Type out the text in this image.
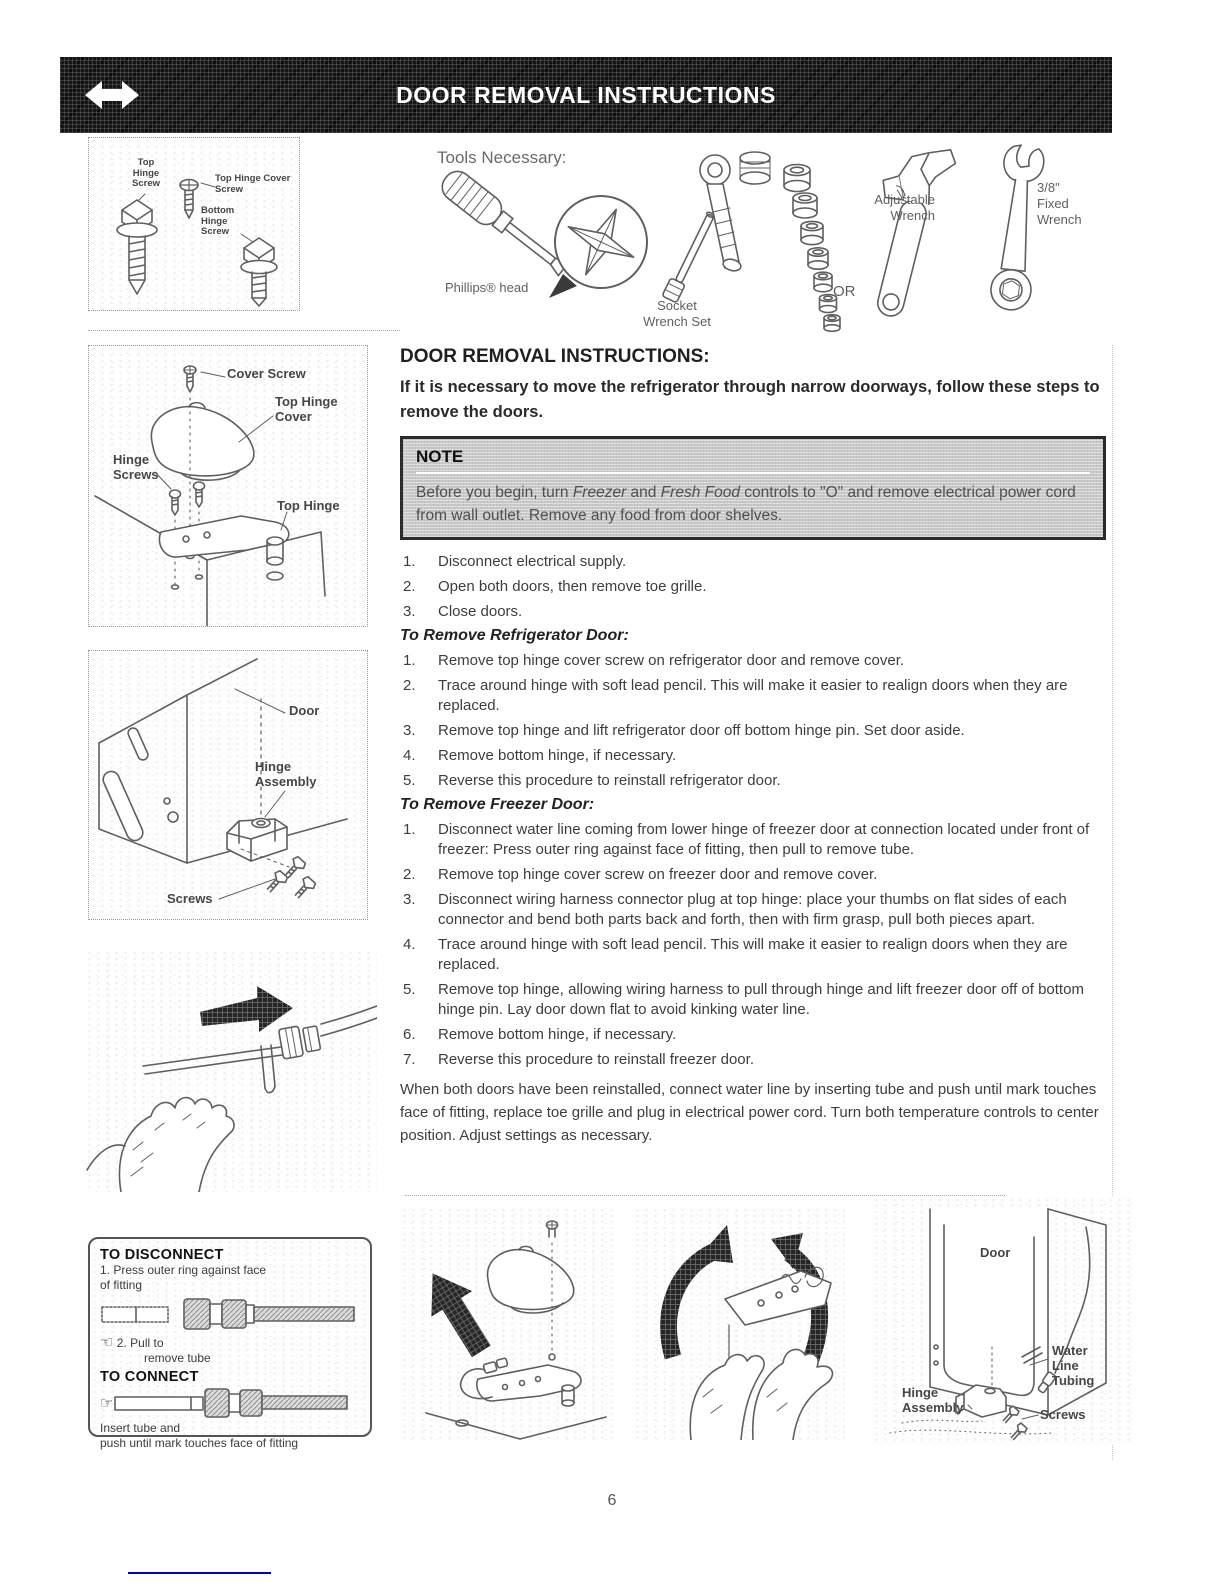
DOOR REMOVAL INSTRUCTIONS
Top Hinge Screw	Top Hinge Cover Screw
Bottom Hinge Screw
Tools Necessary:
Phillips® head
Socket Wrench Set
OR
Adjustable Wrench
3/8" Fixed Wrench
Cover Screw
Top Hinge Cover
Hinge Screws
Top Hinge
Door
Hinge Assembly
Screws
DOOR REMOVAL INSTRUCTIONS:

If it is necessary to move the refrigerator through narrow doorways, follow these steps to remove the doors.

NOTE
Before you begin, turn Freezer and Fresh Food controls to "O" and remove electrical power cord from wall outlet. Remove any food from door shelves.
Disconnect electrical supply.
Open both doors, then remove toe grille.
Close doors.
To Remove Refrigerator Door:
Remove top hinge cover screw on refrigerator door and remove cover.
Trace around hinge with soft lead pencil. This will make it easier to realign doors when they are replaced.
Remove top hinge and lift refrigerator door off bottom hinge pin. Set door aside.
Remove bottom hinge, if necessary.
Reverse this procedure to reinstall refrigerator door.
To Remove Freezer Door:
Disconnect water line coming from lower hinge of freezer door at connection located under front of freezer: Press outer ring against face of fitting, then pull to remove tube.
Remove top hinge cover screw on freezer door and remove cover.
Disconnect wiring harness connector plug at top hinge: place your thumbs on flat sides of each connector and bend both parts back and forth, then with firm grasp, pull both pieces apart.
Trace around hinge with soft lead pencil. This will make it easier to realign doors when they are replaced.
Remove top hinge, allowing wiring harness to pull through hinge and lift freezer door off of bottom hinge pin. Lay door down flat to avoid kinking water line.
Remove bottom hinge, if necessary.
Reverse this procedure to reinstall freezer door.

When both doors have been reinstalled, connect water line by inserting tube and push until mark touches face of fitting, replace toe grille and plug in electrical power cord. Turn both temperature controls to center position. Adjust settings as necessary.

TO DISCONNECT
1. Press outer ring against face of fitting
☜ 2. Pull to
remove tube
TO CONNECT
☞
Insert tube and
push until mark touches face of fitting
Door
Water Line Tubing
Hinge Assembly	Screws
6
